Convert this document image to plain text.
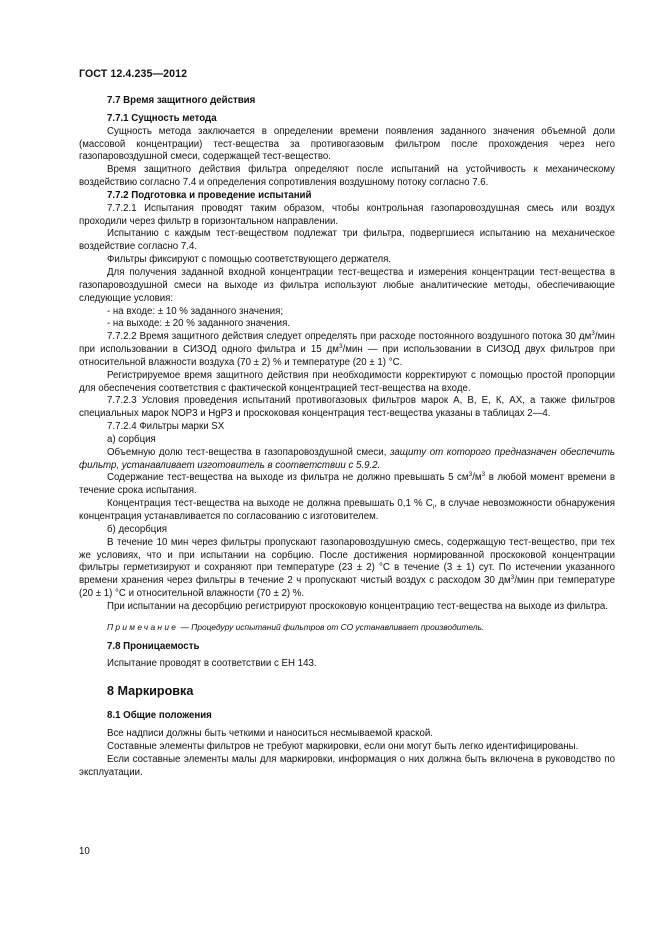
ГОСТ 12.4.235—2012

7.7 Время защитного действия

7.7.1 Сущность метода

Сущность метода заключается в определении времени появления заданного значения объемной доли (массовой концентрации) тест-вещества за противогазовым фильтром после прохождения через него газопаровоздушной смеси, содержащей тест-вещество.

Время защитного действия фильтра определяют после испытаний на устойчивость к механическому воздействию согласно 7.4 и определения сопротивления воздушному потоку согласно 7.6.

7.7.2 Подготовка и проведение испытаний

7.7.2.1 Испытания проводят таким образом, чтобы контрольная газопаровоздушная смесь или воздух проходили через фильтр в горизонтальном направлении.

Испытанию с каждым тест-веществом подлежат три фильтра, подвергшиеся испытанию на механическое воздействие согласно 7.4.

Фильтры фиксируют с помощью соответствующего держателя.

Для получения заданной входной концентрации тест-вещества и измерения концентрации тест-вещества в газопаровоздушной смеси на выходе из фильтра используют любые аналитические методы, обеспечивающие следующие условия:

- на входе: ± 10 % заданного значения;

- на выходе: ± 20 % заданного значения.

7.7.2.2 Время защитного действия следует определять при расходе постоянного воздушного потока 30 $дм^3$/мин при использовании в СИЗОД одного фильтра и 15 $дм^3$/мин — при использовании в СИЗОД двух фильтров при относительной влажности воздуха (70 ± 2) % и температуре (20 ± 1) °С.

Регистрируемое время защитного действия при необходимости корректируют с помощью простой пропорции для обеспечения соответствия с фактической концентрацией тест-вещества на входе.

7.7.2.3 Условия проведения испытаний противогазовых фильтров марок А, В, Е, К, АХ, а также фильтров специальных марок NOP3 и HgP3 и проскоковая концентрация тест-вещества указаны в таблицах 2—4.

7.7.2.4 Фильтры марки SX

а) сорбция

Объемную долю тест-вещества в газопаровоздушной смеси, защиту от которого предназначен обеспечить фильтр, устанавливает изготовитель в соответствии с 5.9.2.

Содержание тест-вещества на выходе из фильтра не должно превышать 5 $см^3/м^3$ в любой момент времени в течение срока испытания.

Концентрация тест-вещества на выходе не должна превышать 0,1 % $С_i$, в случае невозможности обнаружения концентрация устанавливается по согласованию с изготовителем.

б) десорбция

В течение 10 мин через фильтры пропускают газопаровоздушную смесь, содержащую тест-вещество, при тех же условиях, что и при испытании на сорбцию. После достижения нормированной проскоковой концентрации фильтры герметизируют и сохраняют при температуре (23 ± 2) °С в течение (3 ± 1) сут. По истечении указанного времени хранения через фильтры в течение 2 ч пропускают чистый воздух с расходом 30 $дм^3$/мин при температуре (20 ± 1) °С и относительной влажности (70 ± 2) %.

При испытании на десорбцию регистрируют проскоковую концентрацию тест-вещества на выходе из фильтра.

Примечание — Процедуру испытаний фильтров от СО устанавливает производитель.

7.8 Проницаемость

Испытание проводят в соответствии с ЕН 143.

8 Маркировка

8.1 Общие положения

Все надписи должны быть четкими и наноситься несмываемой краской.

Составные элементы фильтров не требуют маркировки, если они могут быть легко идентифицированы.

Если составные элементы малы для маркировки, информация о них должна быть включена в руководство по эксплуатации.

10
